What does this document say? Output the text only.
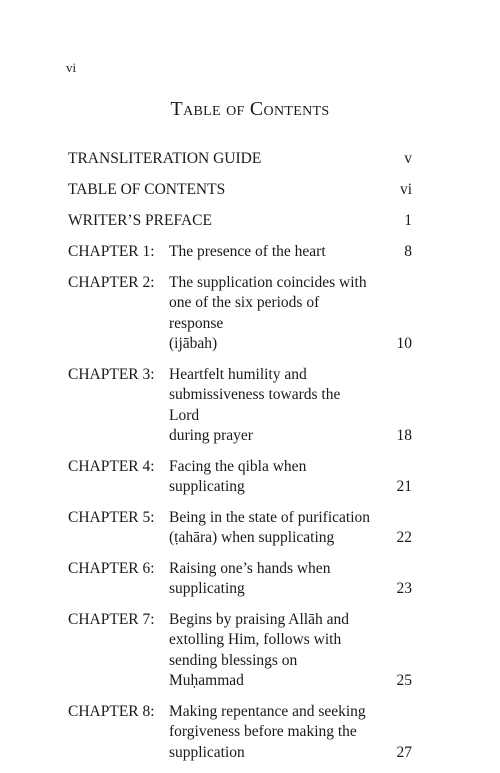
vi
Table of Contents
TRANSLITERATION GUIDE	v
TABLE OF CONTENTS	vi
WRITER’S PREFACE	1
CHAPTER 1: The presence of the heart	8
CHAPTER 2: The supplication coincides with
one of the six periods of response
(ijābah)	10
CHAPTER 3: Heartfelt humility and
submissiveness towards the Lord
during prayer	18
CHAPTER 4: Facing the qibla when supplicating	21
CHAPTER 5: Being in the state of purification
(ṭahāra) when supplicating	22
CHAPTER 6: Raising one’s hands when
supplicating	23
CHAPTER 7: Begins by praising Allāh and
extolling Him, follows with
sending blessings on Muḥammad	25
CHAPTER 8: Making repentance and seeking
forgiveness before making the
supplication	27
